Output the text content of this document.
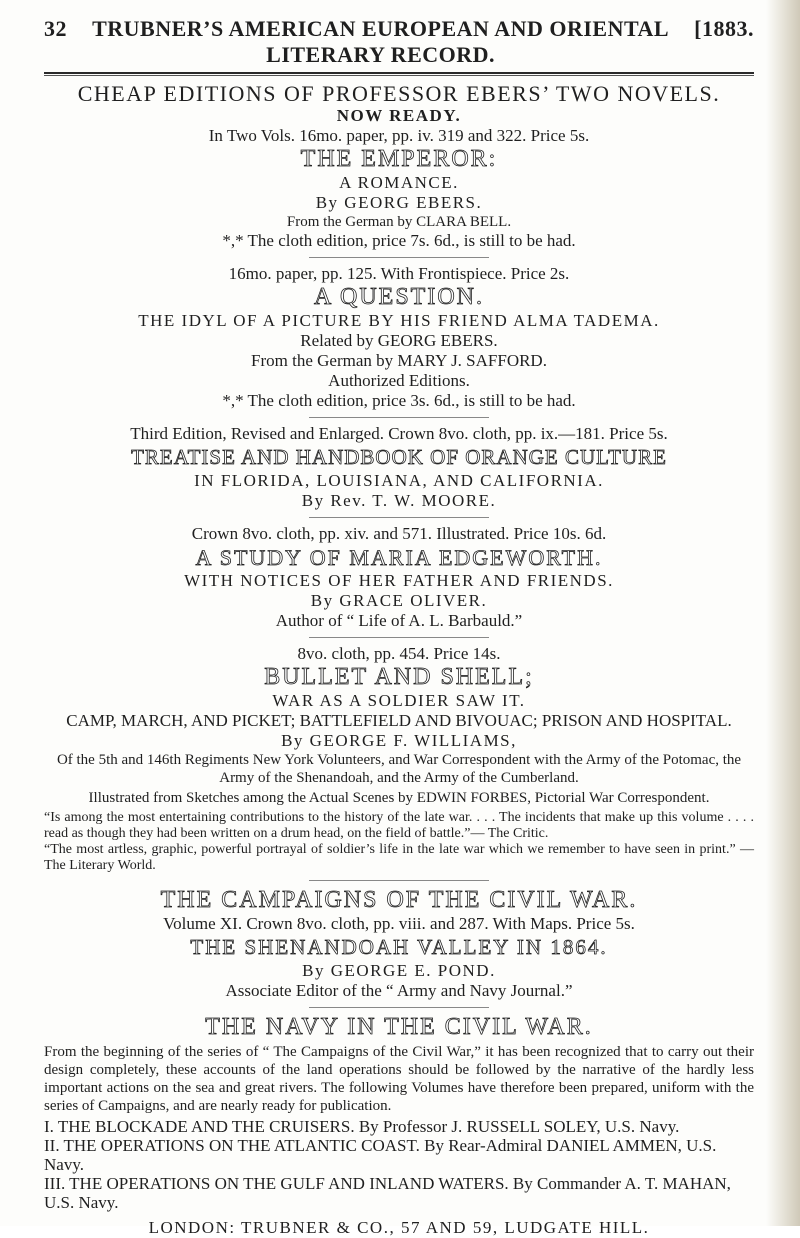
32	TRUBNER’S AMERICAN EUROPEAN AND ORIENTAL LITERARY RECORD.
[1883.

CHEAP EDITIONS OF PROFESSOR EBERS’ TWO NOVELS.

NOW READY.

In Two Vols. 16mo. paper, pp. iv. 319 and 322. Price 5s.

THE EMPEROR:

A ROMANCE.

By GEORG EBERS.

From the German by CLARA BELL.

*,* The cloth edition, price 7s. 6d., is still to be had.

16mo. paper, pp. 125. With Frontispiece. Price 2s.

A QUESTION.

THE IDYL OF A PICTURE BY HIS FRIEND ALMA TADEMA.

Related by GEORG EBERS.

From the German by MARY J. SAFFORD.

Authorized Editions.

*,* The cloth edition, price 3s. 6d., is still to be had.

Third Edition, Revised and Enlarged. Crown 8vo. cloth, pp. ix.—181. Price 5s.

TREATISE AND HANDBOOK OF ORANGE CULTURE

IN FLORIDA, LOUISIANA, AND CALIFORNIA.

By Rev. T. W. MOORE.

Crown 8vo. cloth, pp. xiv. and 571. Illustrated. Price 10s. 6d.

A STUDY OF MARIA EDGEWORTH.

WITH NOTICES OF HER FATHER AND FRIENDS.

By GRACE OLIVER.

Author of “ Life of A. L. Barbauld.”

8vo. cloth, pp. 454. Price 14s.

BULLET AND SHELL;

WAR AS A SOLDIER SAW IT.

CAMP, MARCH, AND PICKET; BATTLEFIELD AND BIVOUAC; PRISON AND HOSPITAL.

By GEORGE F. WILLIAMS,

Of the 5th and 146th Regiments New York Volunteers, and War Correspondent with the Army of the Potomac, the Army of the Shenandoah, and the Army of the Cumberland.

Illustrated from Sketches among the Actual Scenes by EDWIN FORBES, Pictorial War Correspondent.

“Is among the most entertaining contributions to the history of the late war. . . . The incidents that make up this volume . . . . read as though they had been written on a drum head, on the field of battle.”— The Critic.

“The most artless, graphic, powerful portrayal of soldier’s life in the late war which we remember to have seen in print.” —The Literary World.

THE CAMPAIGNS OF THE CIVIL WAR.

Volume XI. Crown 8vo. cloth, pp. viii. and 287. With Maps. Price 5s.

THE SHENANDOAH VALLEY IN 1864.

By GEORGE E. POND.

Associate Editor of the “ Army and Navy Journal.”

THE NAVY IN THE CIVIL WAR.

From the beginning of the series of “ The Campaigns of the Civil War,” it has been recognized that to carry out their design completely, these accounts of the land operations should be followed by the narrative of the hardly less important actions on the sea and great rivers. The following Volumes have therefore been prepared, uniform with the series of Campaigns, and are nearly ready for publication.

I. THE BLOCKADE AND THE CRUISERS. By Professor J. RUSSELL SOLEY, U.S. Navy.

II. THE OPERATIONS ON THE ATLANTIC COAST. By Rear-Admiral DANIEL AMMEN, U.S. Navy.

III. THE OPERATIONS ON THE GULF AND INLAND WATERS. By Commander A. T. MAHAN, U.S. Navy.

LONDON: TRUBNER & CO., 57 AND 59, LUDGATE HILL.
